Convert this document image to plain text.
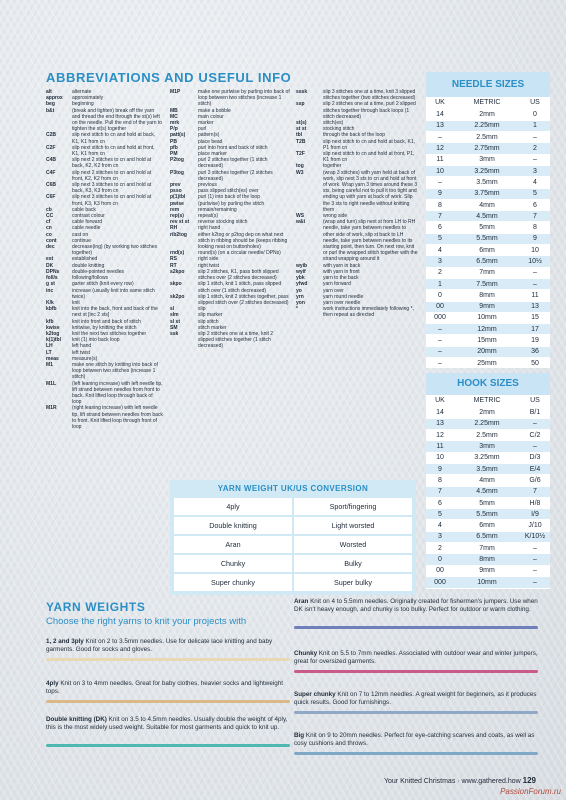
ABBREVIATIONS AND USEFUL INFO
alt	alternate
approx	approximately
beg	beginning
b&t	(break and tighten) break off the yarn and thread the end through the st(s) left on the needle. Pull the end of the yarn to tighten the st(s) together
C2B	slip next stitch to cn and hold at back, K1, K1 from cn
C2F	slip next stitch to cn and hold at front, K1, K1 from cn
C4B	slip next 2 stitches to cn and hold at back, K2, K2 from cn
C4F	slip next 2 stitches to cn and hold at front, K2, K2 from cn
C6B	slip next 3 stitches to cn and hold at back, K3, K3 from cn
C6F	slip next 3 stitches to cn and hold at front, K3, K3 from cn
cb	cable back
CC	contrast colour
cf	cable forward
cn	cable needle
co	cast on
cont	continue
dec	decrease(ing) (by working two stitches together)
est	established
DK	double knitting
DPNs	double-pointed needles
foll/s	following/follows
g st	garter stitch (knit every row)
inc	increase (usually knit into same stitch twice)
K/k	knit
kbfb	knit into the back, front and back of the next st [inc 2 sts]
kfb	knit into front and back of stitch
kwise	knitwise, by knitting the stitch
k2tog	knit the next two stitches together
k(1)tbl	knit (1) into back loop
LH	left hand
LT	left twist
meas	measure(s)
M1	make one stitch by knitting into back of loop between two stitches (increase 1 stitch)
M1L	(left leaning increase) with left needle tip, lift strand between needles from front to back. Knit lifted loop through back of loop
M1R	(right leaning increase) with left needle tip, lift strand between needles from back to front. Knit lifted loop through front of loop
M1P	make one purlwise by purling into back of loop between two stitches (increase 1 stitch)
MB	make a bobble
MC	main colour
mrk	marker
P/p	purl
patt(s)	pattern(s)
PB	place bead
pfb	purl into front and back of stitch
PM	place marker
P2tog	purl 2 stitches together (1 stitch decreased)
P3tog	purl 3 stitches together (2 stitches decreased)
prev	previous
psso	pass slipped stitch(es) over
p(1)tbl	purl (1) into back of the loop
pwise	(purlwise) by purling the stitch
rem	remain/remaining
rep(s)	repeat(s)
rev st st	reverse stocking stitch
RH	right hand
rib2tog	either k2tog or p2tog dep on what next stitch in ribbing should be (keeps ribbing looking neat on buttonholes)
rnd(s)	round(s) (on a circular needle/ DPNs)
RS	right side
RT	right twist
s2kpo	slip 2 stitches, K1, pass both slipped stitches over (2 stitches decreased)
skpo	slip 1 stitch, knit 1 stitch, pass slipped stitch over (1 stitch decreased)
sk2po	slip 1 stitch, knit 2 stitches together, pass slipped stitch over (2 stitches decreased)
sl	slip
slm	slip marker
sl st	slip stitch
SM	stitch marker
ssk	slip 2 stitches one at a time, knit 2 slipped stitches together (1 stitch decreased)
sssk	slip 3 stitches one at a time, knit 3 slipped stitches together (two stitches decreased)
ssp	slip 2 stitches one at a time, purl 2 slipped stitches together through back loops (1 stitch decreased)
st(s)	stitch(es)
st st	stocking stitch
tbl	through the back of the loop
T2B	slip next stitch to cn and hold at back, K1, P1 from cn
T2F	slip next stitch to cn and hold at front, P1, K1 from cn
tog	together
W3	(wrap 3 stitches) with yarn held at back of work, slip next 3 sts to cn and hold at front of work. Wrap yarn 3 times around these 3 sts, being careful not to pull it too tight and ending up with yarn at back of work. Slip the 3 sts to right needle without knitting them
WS	wrong side
w&t	(wrap and turn) slip next st from LH to RH needle, take yarn between needles to other side of work, slip st back to LH needle, take yarn between needles to its starting point, then turn. On next row, knit or purl the wrapped stitch together with the strand wrapping around it
wyib	with yarn in back
wyif	with yarn in front
ybk	yarn to the back
yfwd	yarn forward
yo	yarn over
yrn	yarn round needle
yon	yarn over needle
*	work instructions immediately following *, then repeat as directed
NEEDLE SIZES
UK	METRIC	US
14	2mm	0
13	2.25mm	1
–	2.5mm	–
12	2.75mm	2
11	3mm	–
10	3.25mm	3
–	3.5mm	4
9	3.75mm	5
8	4mm	6
7	4.5mm	7
6	5mm	8
5	5.5mm	9
4	6mm	10
3	6.5mm	10½
2	7mm	–
1	7.5mm	–
0	8mm	11
00	9mm	13
000	10mm	15
–	12mm	17
–	15mm	19
–	20mm	36
–	25mm	50
HOOK SIZES
UK	METRIC	US
14	2mm	B/1
13	2.25mm	–
12	2.5mm	C/2
11	3mm	–
10	3.25mm	D/3
9	3.5mm	E/4
8	4mm	G/6
7	4.5mm	7
6	5mm	H/8
5	5.5mm	I/9
4	6mm	J/10
3	6.5mm	K/10½
2	7mm	–
0	8mm	–
00	9mm	–
000	10mm	–
YARN WEIGHT UK/US CONVERSION
4ply	Sport/fingering
Double knitting	Light worsted
Aran	Worsted
Chunky	Bulky
Super chunky	Super bulky
YARN WEIGHTS
Choose the right yarns to knit your projects with
1, 2 and 3ply Knit on 2 to 3.5mm needles. Use for delicate lace knitting and baby garments. Good for socks and gloves.
4ply Knit on 3 to 4mm needles. Great for baby clothes, heavier socks and lightweight tops.
Double knitting (DK) Knit on 3.5 to 4.5mm needles. Usually double the weight of 4ply, this is the most widely used weight. Suitable for most garments and quick to knit up.
Aran Knit on 4 to 5.5mm needles. Originally created for fishermen's jumpers. Use when DK isn't heavy enough, and chunky is too bulky. Perfect for outdoor or warm clothing.
Chunky Knit on 5.5 to 7mm needles. Associated with outdoor wear and winter jumpers, great for oversized garments.
Super chunky Knit on 7 to 12mm needles. A great weight for beginners, as it produces quick results. Good for furnishings.
Big Knit on 9 to 20mm needles. Perfect for eye-catching scarves and coats, as well as cosy cushions and throws.
Your Knitted Christmas · www.gathered.how 129
PassionForum.ru
